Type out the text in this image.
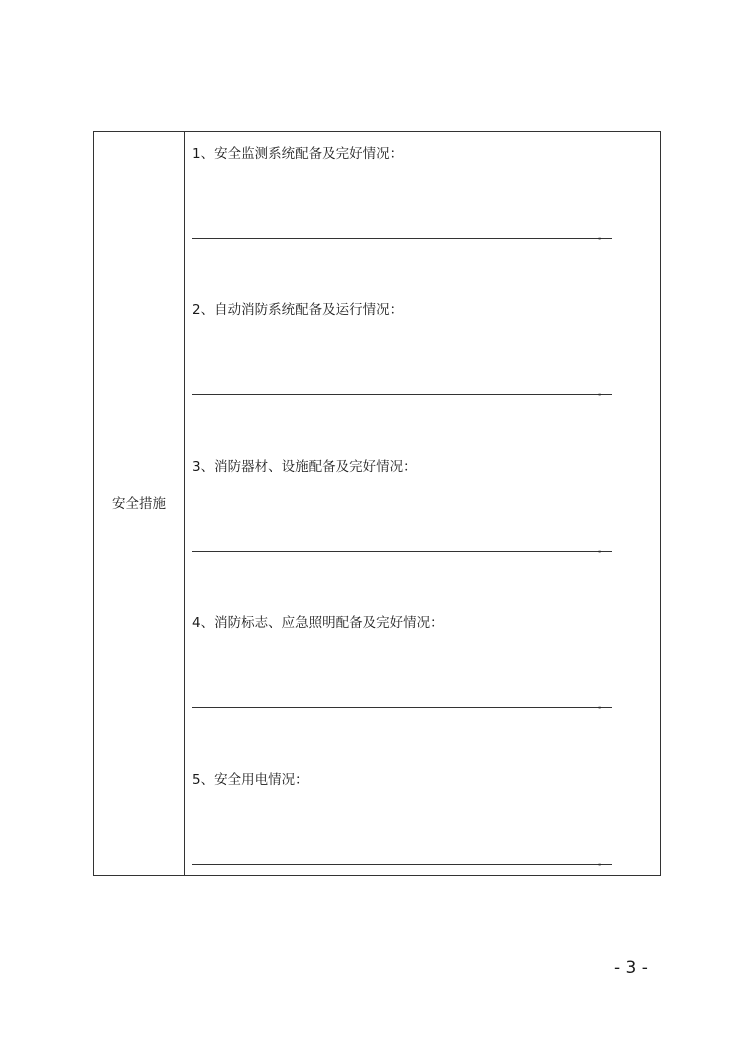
安全措施
1、安全监测系统配备及完好情况：
。
2、自动消防系统配备及运行情况：
。
3、消防器材、设施配备及完好情况：
。
4、消防标志、应急照明配备及完好情况：
。
5、安全用电情况：
。
- 3 -
